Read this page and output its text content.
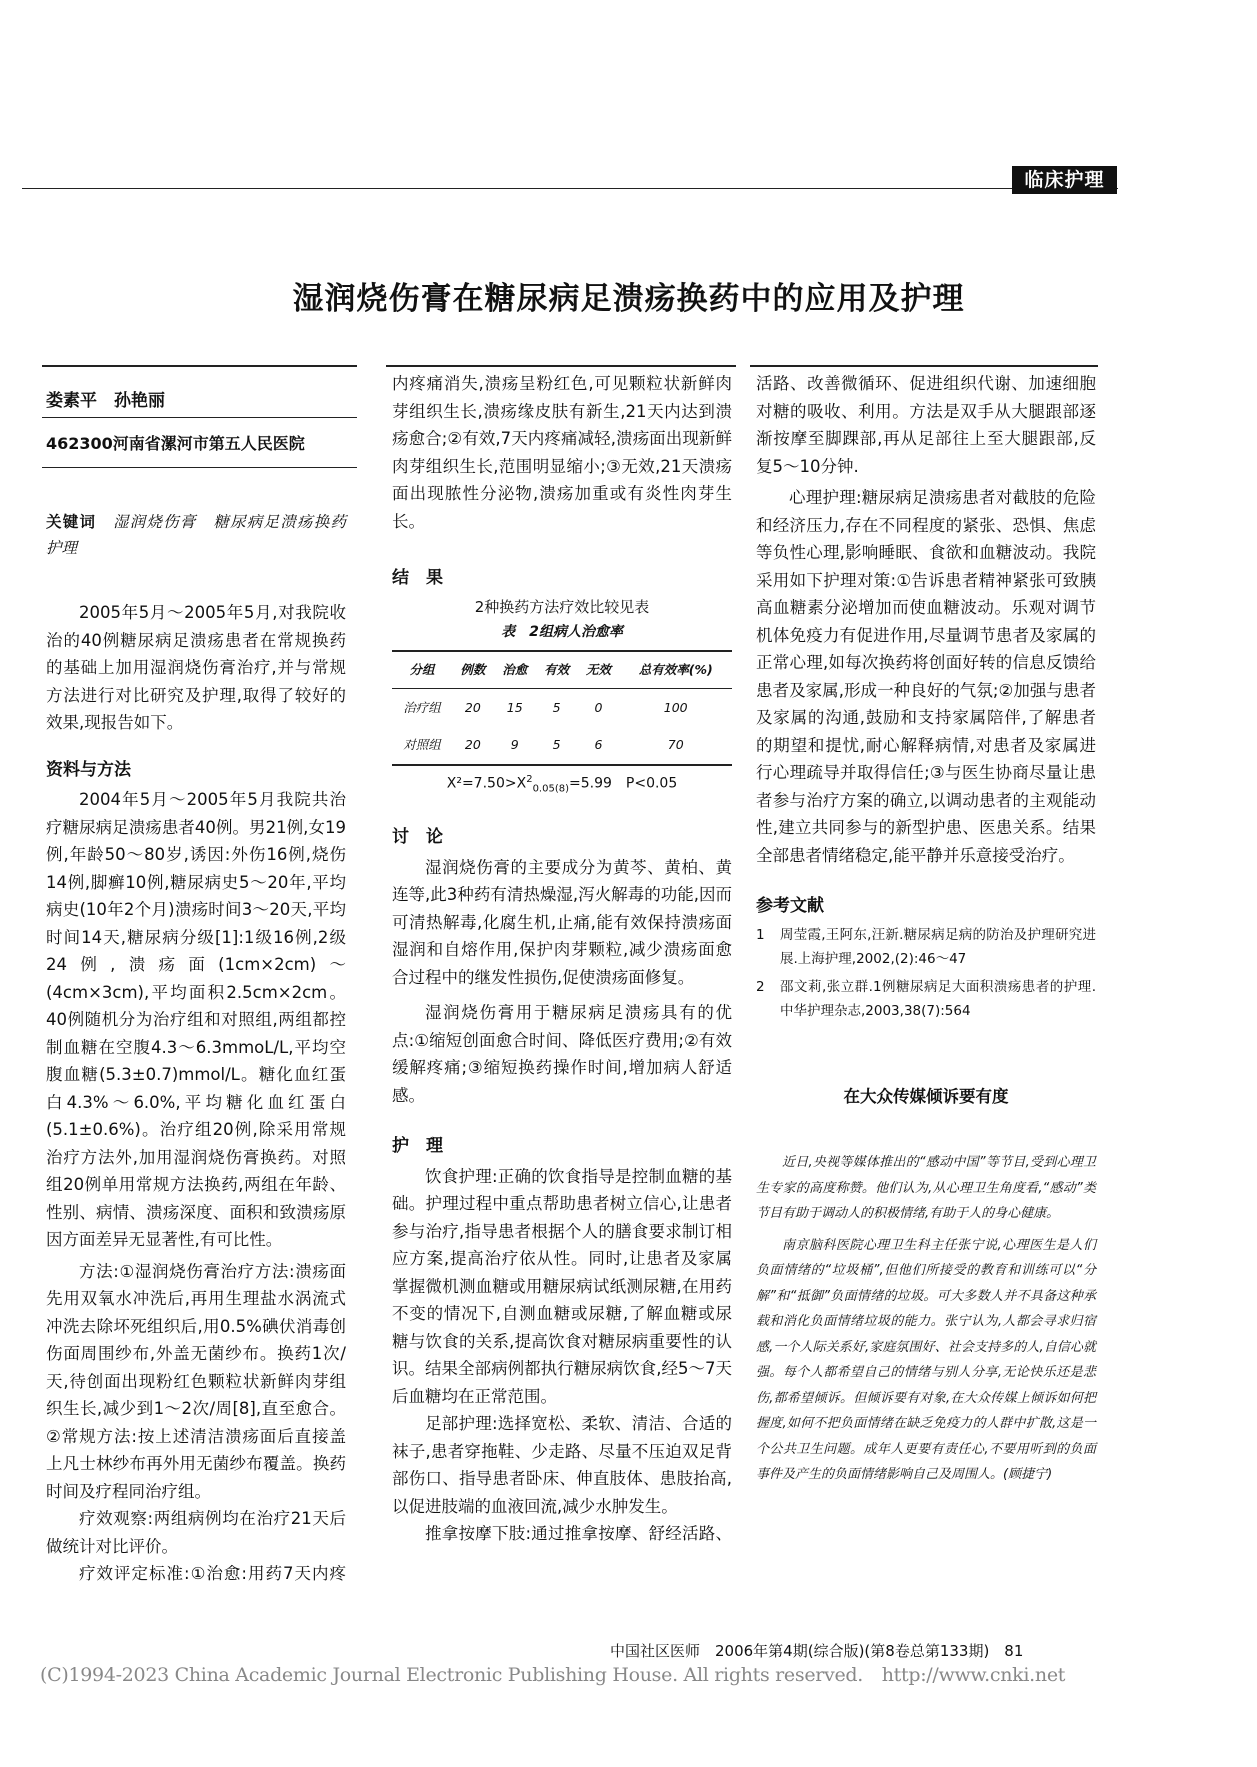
临床护理
湿润烧伤膏在糖尿病足溃疡换药中的应用及护理
娄素平　孙艳丽
462300河南省漯河市第五人民医院
关键词　 湿润烧伤膏　糖尿病足溃疡换药　护理

2005年5月～2005年5月,对我院收治的40例糖尿病足溃疡患者在常规换药的基础上加用湿润烧伤膏治疗,并与常规方法进行对比研究及护理,取得了较好的效果,现报告如下。

资料与方法

2004年5月～2005年5月我院共治疗糖尿病足溃疡患者40例。男21例,女19例,年龄50～80岁,诱因:外伤16例,烧伤14例,脚癣10例,糖尿病史5～20年,平均病史(10年2个月)溃疡时间3～20天,平均时间14天,糖尿病分级[1]:1级16例,2级24例,溃疡面(1cm×2cm)～(4cm×3cm),平均面积2.5cm×2cm。40例随机分为治疗组和对照组,两组都控制血糖在空腹4.3～6.3mmoL/L,平均空腹血糖(5.3±0.7)mmol/L。糖化血红蛋白4.3%～6.0%,平均糖化血红蛋白(5.1±0.6%)。治疗组20例,除采用常规治疗方法外,加用湿润烧伤膏换药。对照组20例单用常规方法换药,两组在年龄、性别、病情、溃疡深度、面积和致溃疡原因方面差异无显著性,有可比性。

方法:①湿润烧伤膏治疗方法:溃疡面先用双氧水冲洗后,再用生理盐水涡流式冲洗去除坏死组织后,用0.5%碘伏消毒创伤面周围纱布,外盖无菌纱布。换药1次/天,待创面出现粉红色颗粒状新鲜肉芽组织生长,减少到1～2次/周[8],直至愈合。②常规方法:按上述清洁溃疡面后直接盖上凡士林纱布再外用无菌纱布覆盖。换药时间及疗程同治疗组。

疗效观察:两组病例均在治疗21天后做统计对比评价。

疗效评定标准:①治愈:用药7天内疼

内疼痛消失,溃疡呈粉红色,可见颗粒状新鲜肉芽组织生长,溃疡缘皮肤有新生,21天内达到溃疡愈合;②有效,7天内疼痛减轻,溃疡面出现新鲜肉芽组织生长,范围明显缩小;③无效,21天溃疡面出现脓性分泌物,溃疡加重或有炎性肉芽生长。

结　果
2种换药方法疗效比较见表
表　2组病人治愈率
分组	例数	治愈	有效	无效	总有效率(%)
治疗组	20	15	5	0	100
对照组	20	9	5	6	70

$X^2=7.50>X^2_{0.05(8)}=5.99$　P<0.05

讨　论

湿润烧伤膏的主要成分为黄芩、黄柏、黄连等,此3种药有清热燥湿,泻火解毒的功能,因而可清热解毒,化腐生机,止痛,能有效保持溃疡面湿润和自熔作用,保护肉芽颗粒,减少溃疡面愈合过程中的继发性损伤,促使溃疡面修复。

湿润烧伤膏用于糖尿病足溃疡具有的优点:①缩短创面愈合时间、降低医疗费用;②有效缓解疼痛;③缩短换药操作时间,增加病人舒适感。

护　理

饮食护理:正确的饮食指导是控制血糖的基础。护理过程中重点帮助患者树立信心,让患者参与治疗,指导患者根据个人的膳食要求制订相应方案,提高治疗依从性。同时,让患者及家属掌握微机测血糖或用糖尿病试纸测尿糖,在用药不变的情况下,自测血糖或尿糖,了解血糖或尿糖与饮食的关系,提高饮食对糖尿病重要性的认识。结果全部病例都执行糖尿病饮食,经5～7天后血糖均在正常范围。

足部护理:选择宽松、柔软、清洁、合适的袜子,患者穿拖鞋、少走路、尽量不压迫双足背部伤口、指导患者卧床、伸直肢体、患肢抬高,以促进肢端的血液回流,减少水肿发生。

推拿按摩下肢:通过推拿按摩、舒经活路、

活路、改善微循环、促进组织代谢、加速细胞对糖的吸收、利用。方法是双手从大腿跟部逐渐按摩至脚踝部,再从足部往上至大腿跟部,反复5～10分钟.

心理护理:糖尿病足溃疡患者对截肢的危险和经济压力,存在不同程度的紧张、恐惧、焦虑等负性心理,影响睡眠、食欲和血糖波动。我院采用如下护理对策:①告诉患者精神紧张可致胰高血糖素分泌增加而使血糖波动。乐观对调节机体免疫力有促进作用,尽量调节患者及家属的正常心理,如每次换药将创面好转的信息反馈给患者及家属,形成一种良好的气氛;②加强与患者及家属的沟通,鼓励和支持家属陪伴,了解患者的期望和提忧,耐心解释病情,对患者及家属进行心理疏导并取得信任;③与医生协商尽量让患者参与治疗方案的确立,以调动患者的主观能动性,建立共同参与的新型护患、医患关系。结果全部患者情绪稳定,能平静并乐意接受治疗。

参考文献
1	周莹霞,王阿东,汪新.糖尿病足病的防治及护理研究进展.上海护理,2002,(2):46～47
2	邵文莉,张立群.1例糖尿病足大面积溃疡患者的护理.中华护理杂志,2003,38(7):564
在大众传媒倾诉要有度

近日,央视等媒体推出的“感动中国”等节目,受到心理卫生专家的高度称赞。他们认为,从心理卫生角度看,“感动”类节目有助于调动人的积极情绪,有助于人的身心健康。

南京脑科医院心理卫生科主任张宁说,心理医生是人们负面情绪的“垃圾桶”,但他们所接受的教育和训练可以“分解”和“抵御”负面情绪的垃圾。可大多数人并不具备这种承载和消化负面情绪垃圾的能力。张宁认为,人都会寻求归宿感,一个人际关系好,家庭氛围好、社会支持多的人,自信心就强。每个人都希望自己的情绪与别人分享,无论快乐还是悲伤,都希望倾诉。但倾诉要有对象,在大众传媒上倾诉如何把握度,如何不把负面情绪在缺乏免疫力的人群中扩散,这是一个公共卫生问题。成年人更要有责任心,不要用听到的负面事件及产生的负面情绪影响自己及周围人。(顾捷宁)

中国社区医师　2006年第4期(综合版)(第8卷总第133期)　81
(C)1994-2023 China Academic Journal Electronic Publishing House. All rights reserved.　http://www.cnki.net
